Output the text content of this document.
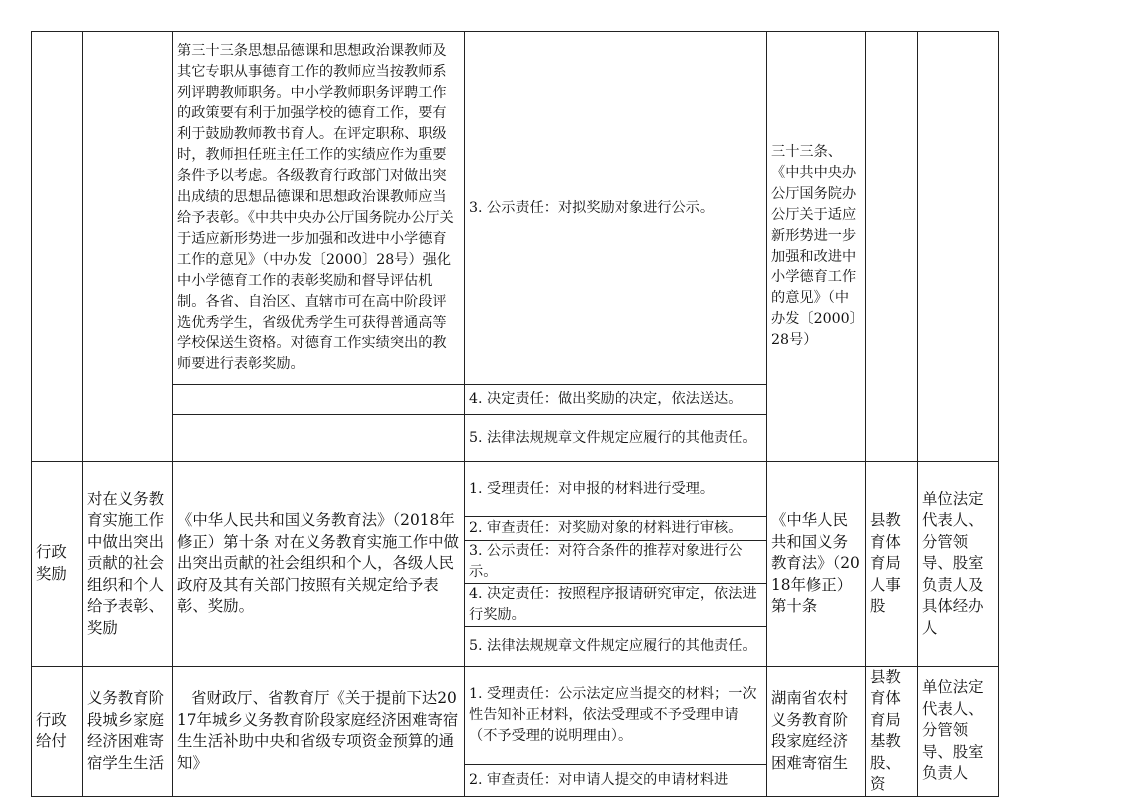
		第三十三条思想品德课和思想政治课教师及其它专职从事德育工作的教师应当按教师系列评聘教师职务。中小学教师职务评聘工作的政策要有利于加强学校的德育工作，要有利于鼓励教师教书育人。在评定职称、职级时，教师担任班主任工作的实绩应作为重要条件予以考虑。各级教育行政部门对做出突出成绩的思想品德课和思想政治课教师应当给予表彰。《中共中央办公厅国务院办公厅关于适应新形势进一步加强和改进中小学德育工作的意见》（中办发〔2000〕28号）强化中小学德育工作的表彰奖励和督导评估机制。各省、自治区、直辖市可在高中阶段评选优秀学生，省级优秀学生可获得普通高等学校保送生资格。对德育工作实绩突出的教师要进行表彰奖励。	3. 公示责任：对拟奖励对象进行公示。	三十三条、《中共中央办公厅国务院办公厅关于适应新形势进一步加强和改进中小学德育工作的意见》（中办发〔2000〕28号）		
			4. 决定责任：做出奖励的决定，依法送达。			
			5. 法律法规规章文件规定应履行的其他责任。			
行政奖励	对在义务教育实施工作中做出突出贡献的社会组织和个人给予表彰、奖励	《中华人民共和国义务教育法》（2018年修正）第十条 对在义务教育实施工作中做出突出贡献的社会组织和个人，各级人民政府及其有关部门按照有关规定给予表彰、奖励。	1. 受理责任：对申报的材料进行受理。	《中华人民共和国义务教育法》（2018年修正）第十条	县教育体育局人事股	单位法定代表人、分管领导、股室负责人及具体经办人
			2. 审查责任：对奖励对象的材料进行审核。			
			3. 公示责任：对符合条件的推荐对象进行公示。			
			4. 决定责任：按照程序报请研究审定，依法进行奖励。			
			5. 法律法规规章文件规定应履行的其他责任。			
行政给付	义务教育阶段城乡家庭经济困难寄宿学生生活	省财政厅、省教育厅《关于提前下达2017年城乡义务教育阶段家庭经济困难寄宿生生活补助中央和省级专项资金预算的通知》	1. 受理责任：公示法定应当提交的材料；一次性告知补正材料，依法受理或不予受理申请（不予受理的说明理由）。	湖南省农村义务教育阶段家庭经济困难寄宿生	县教育体育局基教股、资	单位法定代表人、分管领导、股室负责人
			2. 审查责任：对申请人提交的申请材料进			
